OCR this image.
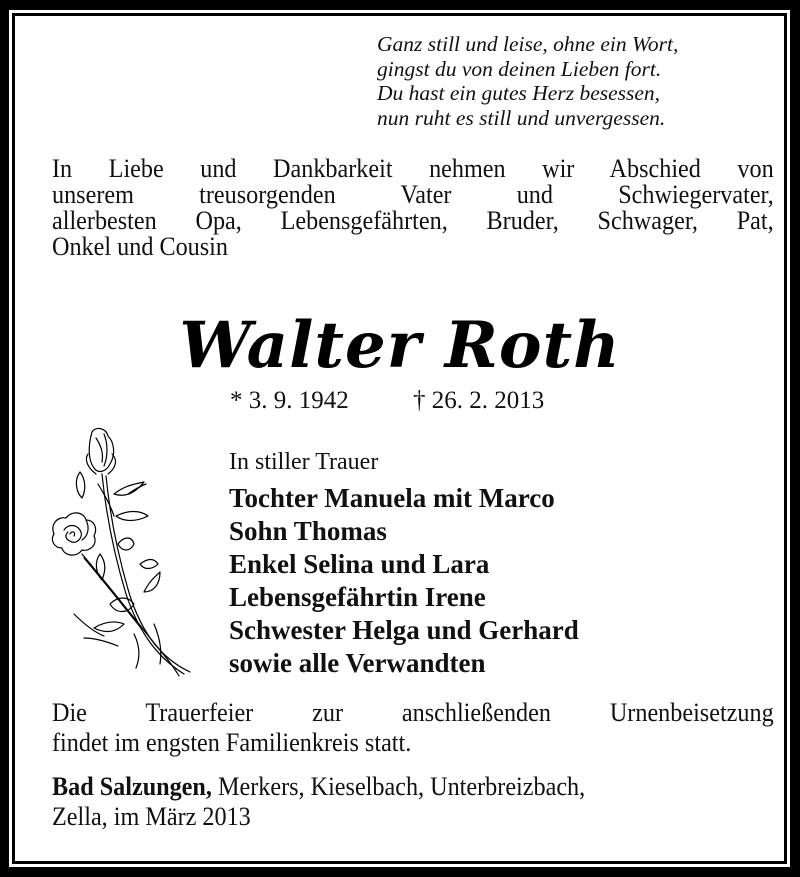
Ganz still und leise, ohne ein Wort,
gingst du von deinen Lieben fort.
Du hast ein gutes Herz besessen,
nun ruht es still und unvergessen.
In Liebe und Dankbarkeit nehmen wir Abschied von
unserem treusorgenden Vater und Schwiegervater,
allerbesten Opa, Lebensgefährten, Bruder, Schwager, Pat,
Onkel und Cousin
Walter Roth
* 3. 9. 1942	† 26. 2. 2013
In stiller Trauer
Tochter Manuela mit Marco
Sohn Thomas
Enkel Selina und Lara
Lebensgefährtin Irene
Schwester Helga und Gerhard
sowie alle Verwandten
Die Trauerfeier zur anschließenden Urnenbeisetzung
findet im engsten Familienkreis statt.
Bad Salzungen, Merkers, Kieselbach, Unterbreizbach,
Zella, im März 2013
